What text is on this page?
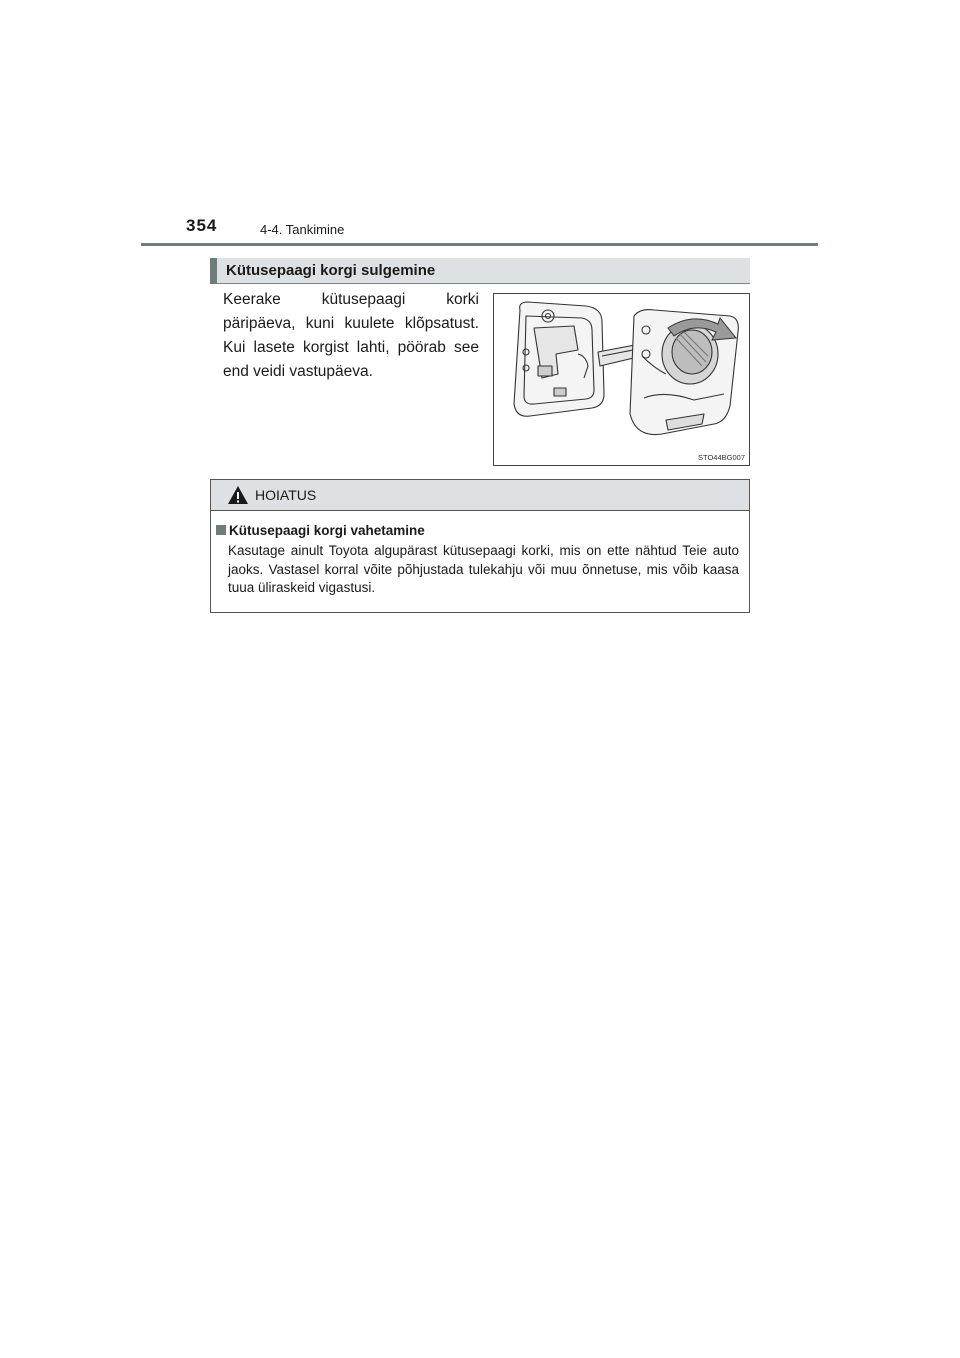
354	4-4. Tankimine
Kütusepaagi korgi sulgemine
Keerake kütusepaagi korki päripäeva, kuni kuulete klõpsatust. Kui lasete korgist lahti, pöörab see end veidi vastupäeva.
STO44BG007
HOIATUS
Kütusepaagi korgi vahetamine
Kasutage ainult Toyota algupärast kütusepaagi korki, mis on ette nähtud Teie auto jaoks. Vastasel korral võite põhjustada tulekahju või muu õnnetuse, mis võib kaasa tuua üliraskeid vigastusi.
